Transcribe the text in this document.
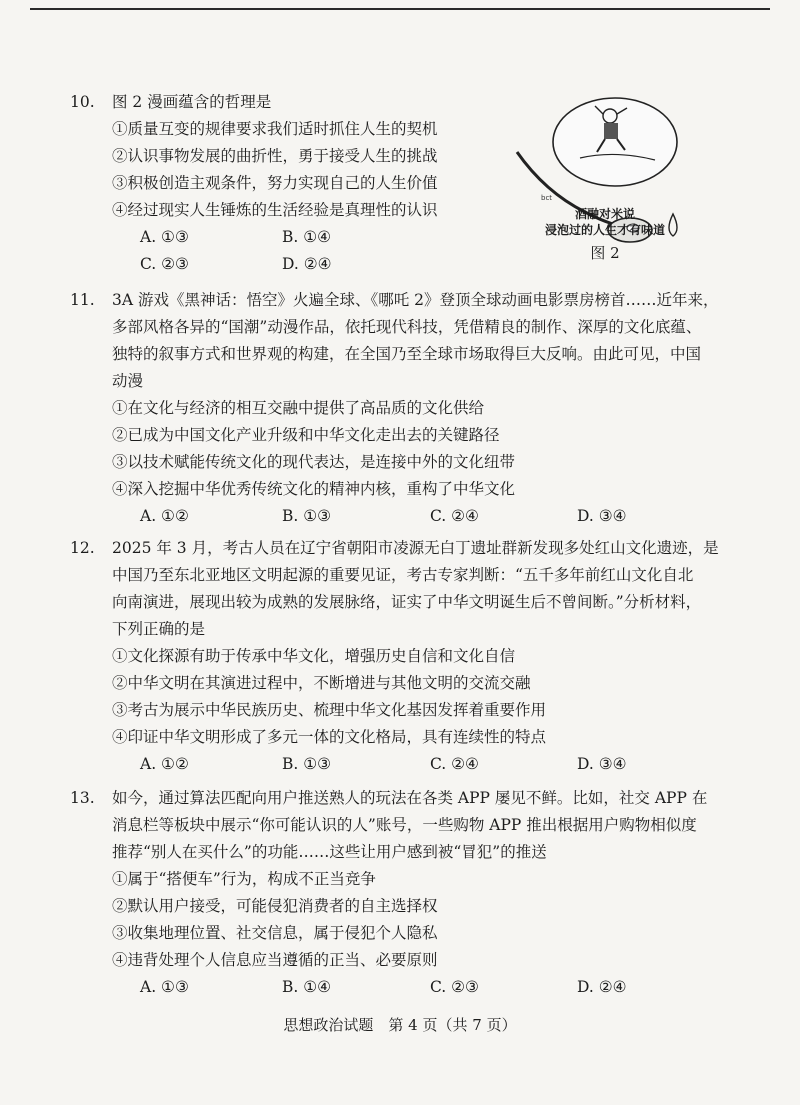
10. 图 2 漫画蕴含的哲理是
①质量互变的规律要求我们适时抓住人生的契机
②认识事物发展的曲折性，勇于接受人生的挑战
③积极创造主观条件，努力实现自己的人生价值
④经过现实人生锤炼的生活经验是真理性的认识
A. ①③	B. ①④
C. ②③	D. ②④
bct
酒融对米说
浸泡过的人生才有味道
图 2
11. 3A 游戏《黑神话：悟空》火遍全球、《哪吒 2》登顶全球动画电影票房榜首……近年来，
多部风格各异的“国潮”动漫作品，依托现代科技，凭借精良的制作、深厚的文化底蕴、
独特的叙事方式和世界观的构建，在全国乃至全球市场取得巨大反响。由此可见，中国
动漫
①在文化与经济的相互交融中提供了高品质的文化供给
②已成为中国文化产业升级和中华文化走出去的关键路径
③以技术赋能传统文化的现代表达，是连接中外的文化纽带
④深入挖掘中华优秀传统文化的精神内核，重构了中华文化
A. ①②	B. ①③	C. ②④	D. ③④
12. 2025 年 3 月，考古人员在辽宁省朝阳市凌源无白丁遗址群新发现多处红山文化遗迹，是
中国乃至东北亚地区文明起源的重要见证，考古专家判断：“五千多年前红山文化自北
向南演进，展现出较为成熟的发展脉络，证实了中华文明诞生后不曾间断。”分析材料，
下列正确的是
①文化探源有助于传承中华文化，增强历史自信和文化自信
②中华文明在其演进过程中，不断增进与其他文明的交流交融
③考古为展示中华民族历史、梳理中华文化基因发挥着重要作用
④印证中华文明形成了多元一体的文化格局，具有连续性的特点
A. ①②	B. ①③	C. ②④	D. ③④
13. 如今，通过算法匹配向用户推送熟人的玩法在各类 APP 屡见不鲜。比如，社交 APP 在
消息栏等板块中展示“你可能认识的人”账号，一些购物 APP 推出根据用户购物相似度
推荐“别人在买什么”的功能……这些让用户感到被“冒犯”的推送
①属于“搭便车”行为，构成不正当竞争
②默认用户接受，可能侵犯消费者的自主选择权
③收集地理位置、社交信息，属于侵犯个人隐私
④违背处理个人信息应当遵循的正当、必要原则
A. ①③	B. ①④	C. ②③	D. ②④
思想政治试题　第 4 页（共 7 页）
